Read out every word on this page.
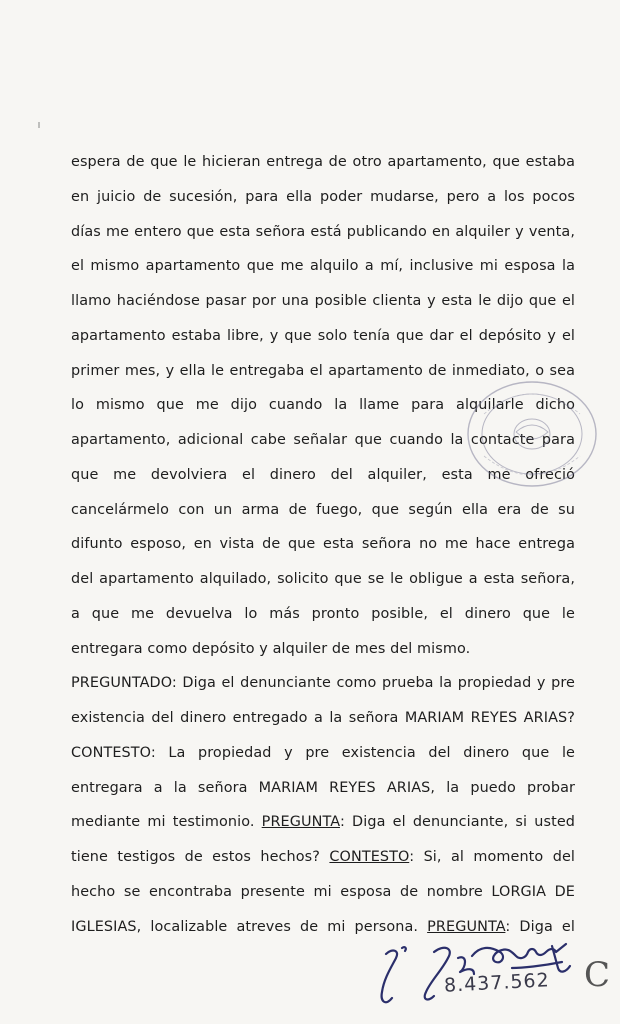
espera de que le hicieran entrega de otro apartamento, que estaba
en juicio de sucesión, para ella poder mudarse, pero a los pocos
días me entero que esta señora está publicando en alquiler y venta,
el mismo apartamento que me alquilo a mí, inclusive mi esposa la
llamo haciéndose pasar por una posible clienta y esta le dijo que el
apartamento estaba libre, y que solo tenía que dar el depósito y el
primer mes, y ella le entregaba el apartamento de inmediato, o sea
lo mismo que me dijo cuando la llame para alquilarle dicho
apartamento, adicional cabe señalar que cuando la contacte para
que me devolviera el dinero del alquiler, esta me ofreció
cancelármelo con un arma de fuego, que según ella era de su
difunto esposo, en vista de que esta señora no me hace entrega
del apartamento alquilado, solicito que se le obligue a esta señora,
a que me devuelva lo más pronto posible, el dinero que le
entregara como depósito y alquiler de mes del mismo.
PREGUNTADO: Diga el denunciante como prueba la propiedad y pre
existencia del dinero entregado a la señora MARIAM REYES ARIAS?
CONTESTO: La propiedad y pre existencia del dinero que le
entregara a la señora MARIAM REYES ARIAS, la puedo probar
mediante mi testimonio. PREGUNTA: Diga el denunciante, si usted
tiene testigos de estos hechos? CONTESTO: Si, al momento del
hecho se encontraba presente mi esposa de nombre LORGIA DE
IGLESIAS, localizable atreves de mi persona. PREGUNTA: Diga el
8.437.562 C
